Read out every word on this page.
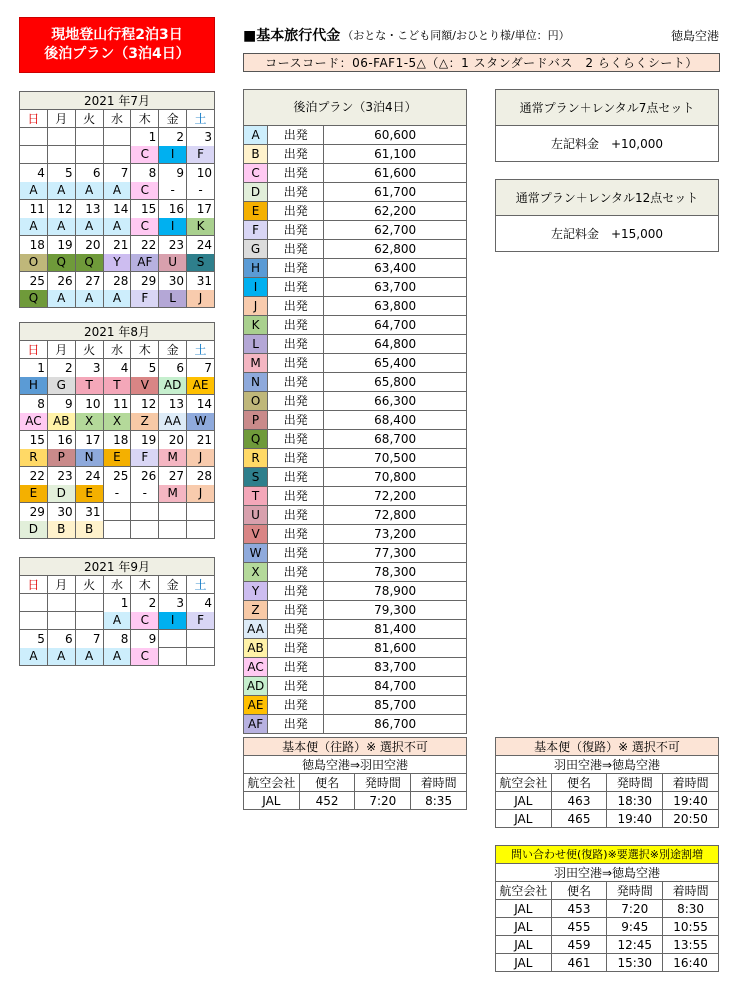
現地登山行程2泊3日
後泊プラン（3泊4日）
■基本旅行代金 （おとな・こども同額/おひとり様/単位：円）	徳島空港
コースコード：06-FAF1-5△（△：1 スタンダードバス　2 らくらくシート）
2021 年7月						
日	月	火	水	木	金	土
				1	2	3
				C	I	F
4	5	6	7	8	9	10
A	A	A	A	C	-	-
11	12	13	14	15	16	17
A	A	A	A	C	I	K
18	19	20	21	22	23	24
O	Q	Q	Y	AF	U	S
25	26	27	28	29	30	31
Q	A	A	A	F	L	J
2021 年8月						
日	月	火	水	木	金	土
1	2	3	4	5	6	7
H	G	T	T	V	AD	AE
8	9	10	11	12	13	14
AC	AB	X	X	Z	AA	W
15	16	17	18	19	20	21
R	P	N	E	F	M	J
22	23	24	25	26	27	28
E	D	E	-	-	M	J
29	30	31				
D	B	B				
2021 年9月						
日	月	火	水	木	金	土
			1	2	3	4
			A	C	I	F
5	6	7	8	9		
A	A	A	A	C		
後泊プラン（3泊4日）		
A	出発	60,600
B	出発	61,100
C	出発	61,600
D	出発	61,700
E	出発	62,200
F	出発	62,700
G	出発	62,800
H	出発	63,400
I	出発	63,700
J	出発	63,800
K	出発	64,700
L	出発	64,800
M	出発	65,400
N	出発	65,800
O	出発	66,300
P	出発	68,400
Q	出発	68,700
R	出発	70,500
S	出発	70,800
T	出発	72,200
U	出発	72,800
V	出発	73,200
W	出発	77,300
X	出発	78,300
Y	出発	78,900
Z	出発	79,300
AA	出発	81,400
AB	出発	81,600
AC	出発	83,700
AD	出発	84,700
AE	出発	85,700
AF	出発	86,700
通常プラン＋レンタル7点セット
左記料金　+10,000
通常プラン＋レンタル12点セット
左記料金　+15,000
基本便（往路）※ 選択不可			
徳島空港⇒羽田空港			
航空会社	便名	発時間	着時間
JAL	452	7:20	8:35
基本便（復路）※ 選択不可			
羽田空港⇒徳島空港			
航空会社	便名	発時間	着時間
JAL	463	18:30	19:40
JAL	465	19:40	20:50
問い合わせ便(復路)※要選択※別途割増			
羽田空港⇒徳島空港			
航空会社	便名	発時間	着時間
JAL	453	7:20	8:30
JAL	455	9:45	10:55
JAL	459	12:45	13:55
JAL	461	15:30	16:40
